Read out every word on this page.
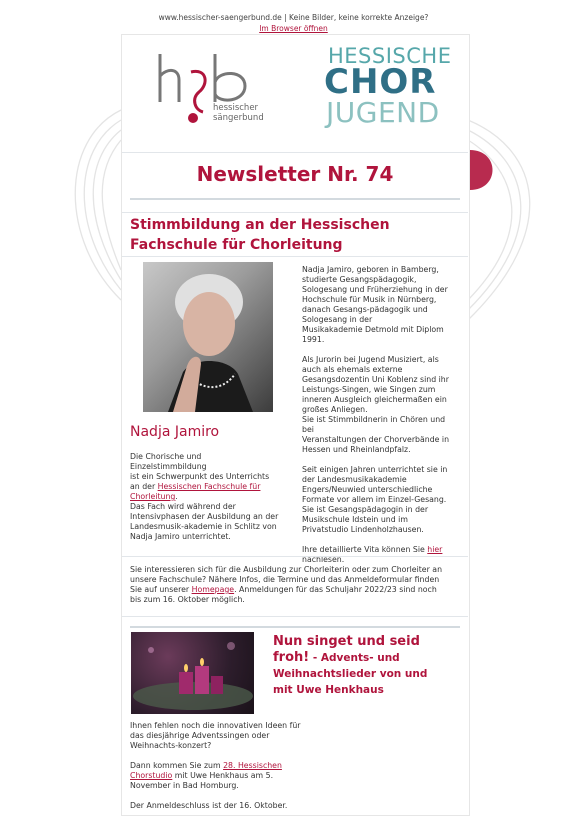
www.hessischer-saengerbund.de | Keine Bilder, keine korrekte Anzeige?
Im Browser öffnen
hessischer
sängerbund
HESSISCHE
CHOR
JUGEND
Newsletter Nr. 74
Stimmbildung an der Hessischen
Fachschule für Chorleitung
Nadja Jamiro
Die Chorische und Einzelstimmbildung
ist ein Schwerpunkt des Unterrichts
an der Hessischen Fachschule für
Chorleitung.
Das Fach wird während der
Intensivphasen der Ausbildung an der
Landesmusik-akademie in Schlitz von
Nadja Jamiro unterrichtet.
Nadja Jamiro, geboren in Bamberg,
studierte Gesangspädagogik,
Sologesang und Früherziehung in der
Hochschule für Musik in Nürnberg,
danach Gesangs-pädagogik und
Sologesang in der
Musikakademie Detmold mit Diplom
1991.
Als Jurorin bei Jugend Musiziert, als
auch als ehemals externe
Gesangsdozentin Uni Koblenz sind ihr
Leistungs-Singen, wie Singen zum
inneren Ausgleich gleichermaßen ein
großes Anliegen.
Sie ist Stimmbildnerin in Chören und
bei
Veranstaltungen der Chorverbände in
Hessen und Rheinlandpfalz.
Seit einigen Jahren unterrichtet sie in
der Landesmusikakademie
Engers/Neuwied unterschiedliche
Formate vor allem im Einzel-Gesang.
Sie ist Gesangspädagogin in der
Musikschule Idstein und im
Privatstudio Lindenholzhausen.
Ihre detaillierte Vita können Sie hier
nachlesen.
Sie interessieren sich für die Ausbildung zur Chorleiterin oder zum Chorleiter an
unsere Fachschule? Nähere Infos, die Termine und das Anmeldeformular finden
Sie auf unserer Homepage. Anmeldungen für das Schuljahr 2022/23 sind noch
bis zum 16. Oktober möglich.
Nun singet und seid
froh! - Advents- und
Weihnachtslieder von und
mit Uwe Henkhaus
Ihnen fehlen noch die innovativen Ideen für
das diesjährige Adventssingen oder
Weihnachts-konzert?
Dann kommen Sie zum 28. Hessischen
Chorstudio mit Uwe Henkhaus am 5.
November in Bad Homburg.
Der Anmeldeschluss ist der 16. Oktober.
